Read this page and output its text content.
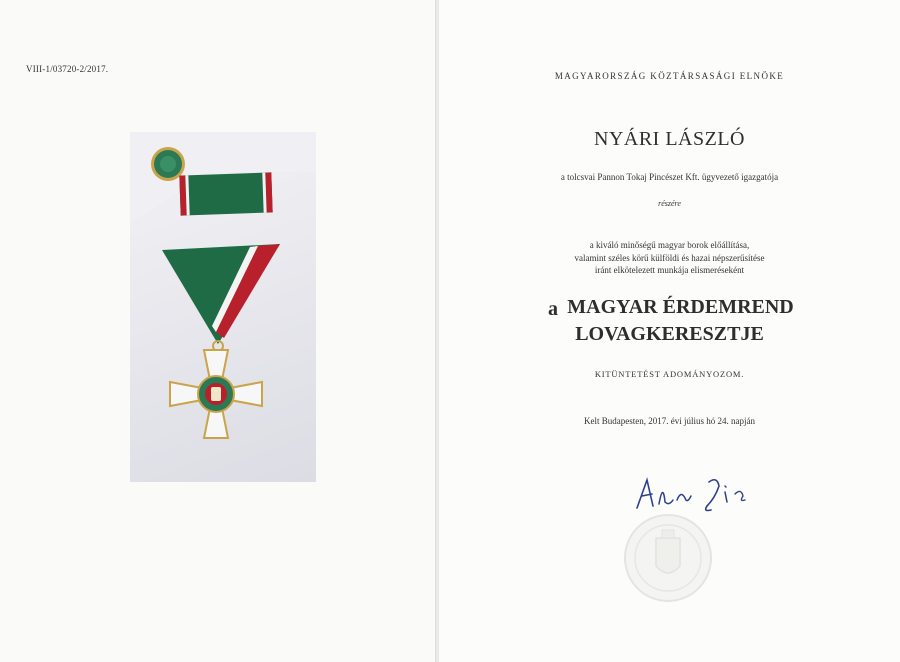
VIII-1/03720-2/2017.
MAGYARORSZÁG KÖZTÁRSASÁGI ELNÖKE
NYÁRI LÁSZLÓ
a tolcsvai Pannon Tokaj Pincészet Kft. ügyvezető igazgatója
részére
a kiváló minőségű magyar borok előállítása,
valamint széles körű külföldi és hazai népszerűsítése
iránt elkötelezett munkája elismeréseként
a MAGYAR ÉRDEMREND
LOVAGKERESZTJE
KITÜNTETÉST ADOMÁNYOZOM.
Kelt Budapesten, 2017. évi július hó 24. napján
